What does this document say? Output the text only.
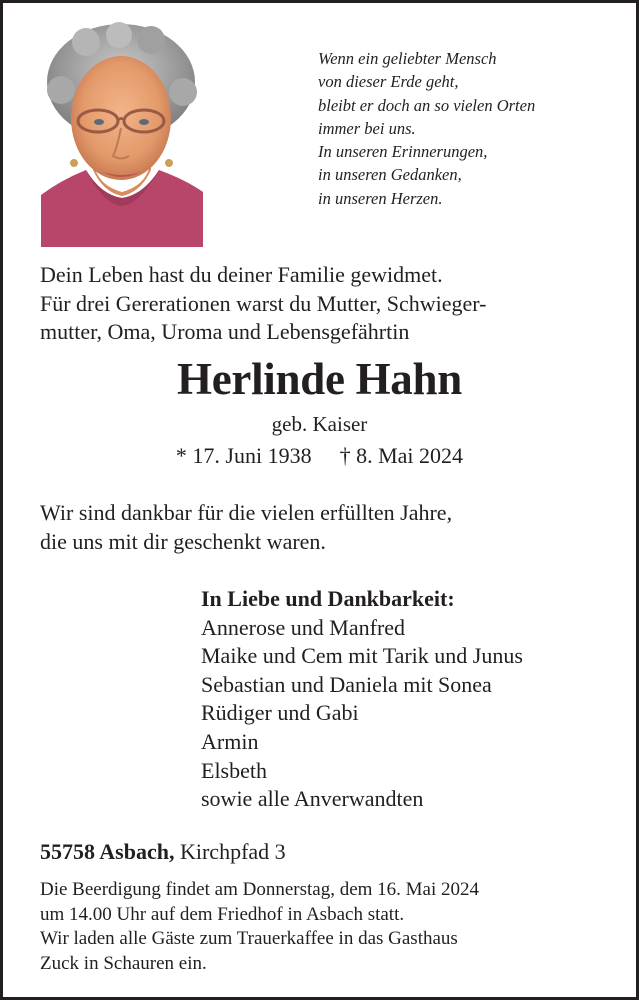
Wenn ein geliebter Mensch
von dieser Erde geht,
bleibt er doch an so vielen Orten
immer bei uns.
In unseren Erinnerungen,
in unseren Gedanken,
in unseren Herzen.
Dein Leben hast du deiner Familie gewidmet.
Für drei Gererationen warst du Mutter, Schwieger-
mutter, Oma, Uroma und Lebensgefährtin
Herlinde Hahn
geb. Kaiser
* 17. Juni 1938 † 8. Mai 2024
Wir sind dankbar für die vielen erfüllten Jahre,
die uns mit dir geschenkt waren.
In Liebe und Dankbarkeit:
Annerose und Manfred
Maike und Cem mit Tarik und Junus
Sebastian und Daniela mit Sonea
Rüdiger und Gabi
Armin
Elsbeth
sowie alle Anverwandten
55758 Asbach, Kirchpfad 3
Die Beerdigung findet am Donnerstag, dem 16. Mai 2024
um 14.00 Uhr auf dem Friedhof in Asbach statt.
Wir laden alle Gäste zum Trauerkaffee in das Gasthaus
Zuck in Schauren ein.
